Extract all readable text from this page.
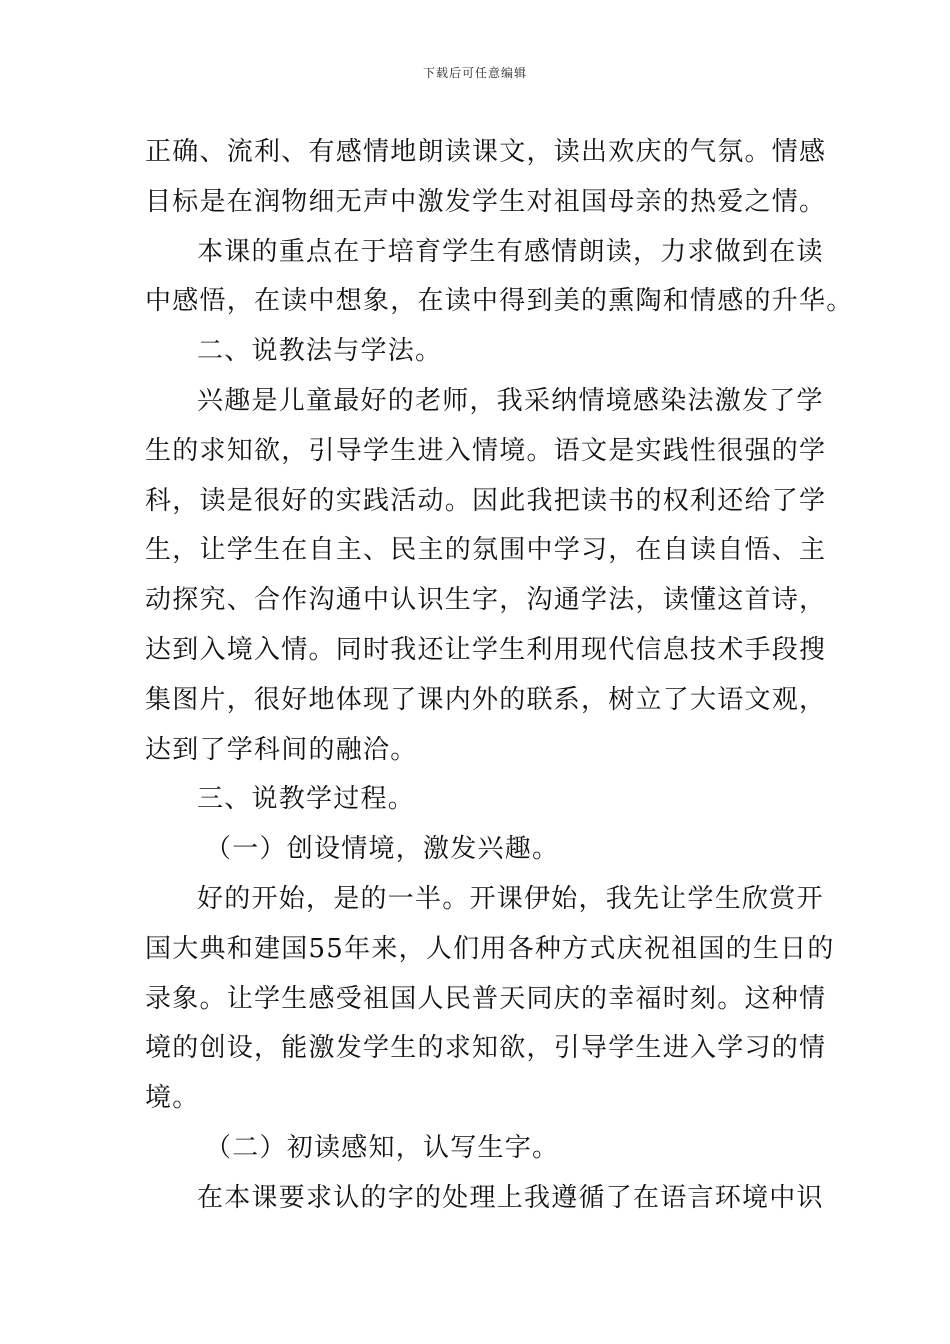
下载后可任意编辑
正确、流利、有感情地朗读课文，读出欢庆的气氛。情感
目标是在润物细无声中激发学生对祖国母亲的热爱之情。
本课的重点在于培育学生有感情朗读，力求做到在读
中感悟，在读中想象，在读中得到美的熏陶和情感的升华。
二、说教法与学法。
兴趣是儿童最好的老师，我采纳情境感染法激发了学
生的求知欲，引导学生进入情境。语文是实践性很强的学
科，读是很好的实践活动。因此我把读书的权利还给了学
生，让学生在自主、民主的氛围中学习，在自读自悟、主
动探究、合作沟通中认识生字，沟通学法，读懂这首诗，
达到入境入情。同时我还让学生利用现代信息技术手段搜
集图片，很好地体现了课内外的联系，树立了大语文观，
达到了学科间的融洽。
三、说教学过程。
（一）创设情境，激发兴趣。
好的开始，是的一半。开课伊始，我先让学生欣赏开
国大典和建国55年来，人们用各种方式庆祝祖国的生日的
录象。让学生感受祖国人民普天同庆的幸福时刻。这种情
境的创设，能激发学生的求知欲，引导学生进入学习的情
境。
（二）初读感知，认写生字。
在本课要求认的字的处理上我遵循了在语言环境中识
